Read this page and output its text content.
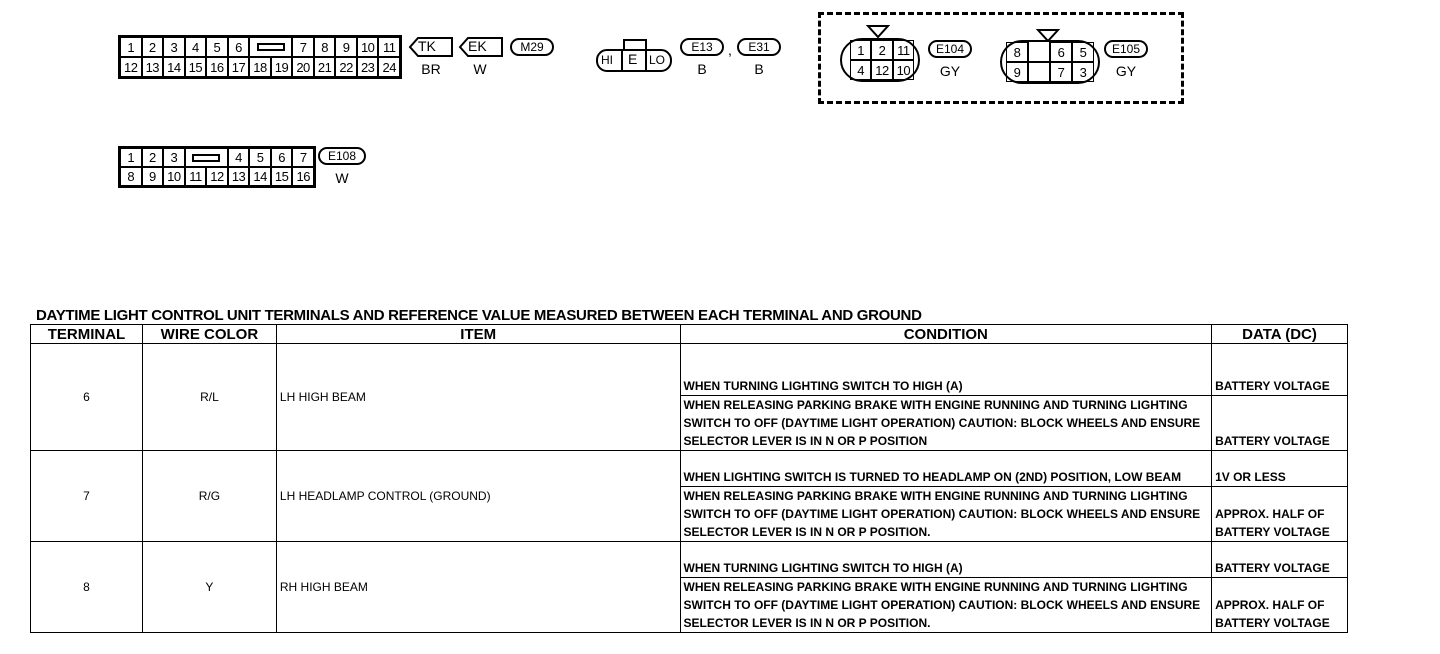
1	2	3	4	5	6	7	8	9 10 11
12 13 14 15 16 17 18 19 20 21 22 23 24
TK
BR
EK
W
M29
HI E LO
E13
B
,	E31
B
1	2 11
4 12 10
E104
GY
8	6	5
9	7	3
E105
GY
1	2	3	4	5	6	7
8	9 10 11 12 13 14 15 16
E108
W
DAYTIME LIGHT CONTROL UNIT TERMINALS AND REFERENCE VALUE MEASURED BETWEEN EACH TERMINAL AND GROUND
TERMINAL	WIRE COLOR	ITEM	CONDITION	DATA (DC)
6	R/L	LH HIGH BEAM	WHEN TURNING LIGHTING SWITCH TO HIGH (A)	BATTERY VOLTAGE
			WHEN RELEASING PARKING BRAKE WITH ENGINE RUNNING AND TURNING LIGHTING SWITCH TO OFF (DAYTIME LIGHT OPERATION) CAUTION: BLOCK WHEELS AND ENSURE SELECTOR LEVER IS IN N OR P POSITION	BATTERY VOLTAGE
7	R/G	LH HEADLAMP CONTROL (GROUND)	WHEN LIGHTING SWITCH IS TURNED TO HEADLAMP ON (2ND) POSITION, LOW BEAM	1V OR LESS
			WHEN RELEASING PARKING BRAKE WITH ENGINE RUNNING AND TURNING LIGHTING SWITCH TO OFF (DAYTIME LIGHT OPERATION) CAUTION: BLOCK WHEELS AND ENSURE SELECTOR LEVER IS IN N OR P POSITION.	APPROX. HALF OF BATTERY VOLTAGE
8	Y	RH HIGH BEAM	WHEN TURNING LIGHTING SWITCH TO HIGH (A)	BATTERY VOLTAGE
			WHEN RELEASING PARKING BRAKE WITH ENGINE RUNNING AND TURNING LIGHTING SWITCH TO OFF (DAYTIME LIGHT OPERATION) CAUTION: BLOCK WHEELS AND ENSURE SELECTOR LEVER IS IN N OR P POSITION.	APPROX. HALF OF BATTERY VOLTAGE
